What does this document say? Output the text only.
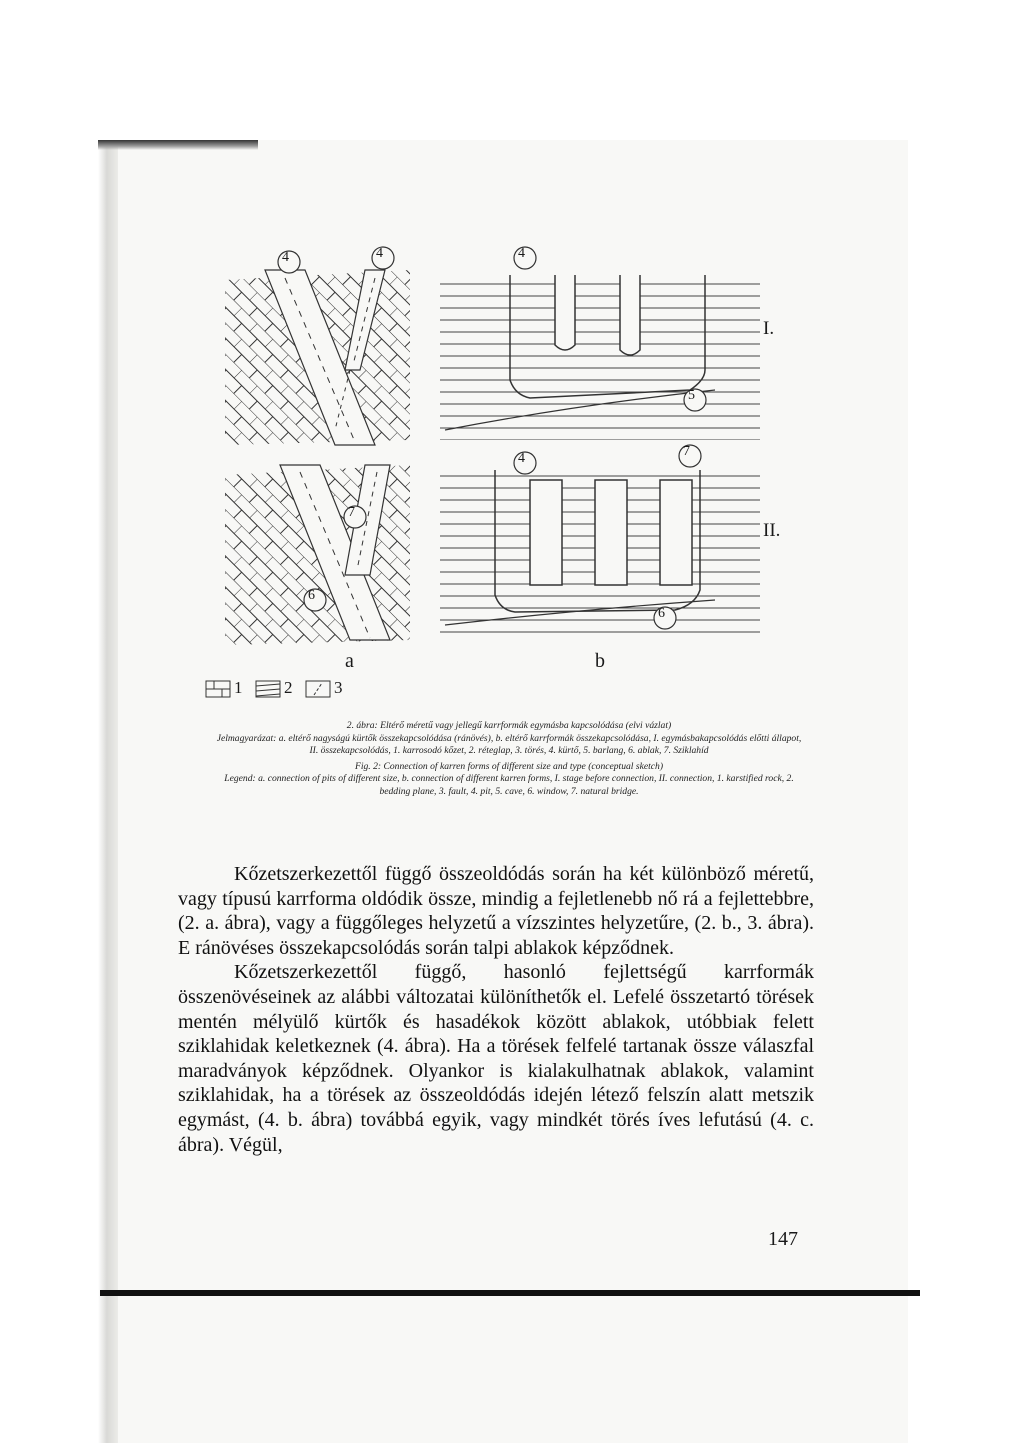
4	4	4
5
7
6
4	7
6
I.
II.
a	b
1 2 3

2. ábra: Eltérő méretű vagy jellegű karrformák egymásba kapcsolódása (elvi vázlat)

Jelmagyarázat: a. eltérő nagyságú kürtők összekapcsolódása (ránövés), b. eltérő karrformák összekapcsolódása, I. egymásbakapcsolódás előtti állapot, II. összekapcsolódás, 1. karrosodó kőzet, 2. réteglap, 3. törés, 4. kürtő, 5. barlang, 6. ablak, 7. Sziklahíd

Fig. 2: Connection of karren forms of different size and type (conceptual sketch)

Legend: a. connection of pits of different size, b. connection of different karren forms, I. stage before connection, II. connection, 1. karstified rock, 2. bedding plane, 3. fault, 4. pit, 5. cave, 6. window, 7. natural bridge.

Kőzetszerkezettől függő összeoldódás során ha két különböző méretű, vagy típusú karrforma oldódik össze, mindig a fejletlenebb nő rá a fejlettebbre, (2. a. ábra), vagy a függőleges helyzetű a vízszintes helyzetűre, (2. b., 3. ábra). E ránövéses összekapcsolódás során talpi ablakok képződnek.

Kőzetszerkezettől függő, hasonló fejlettségű karrformák összenövéseinek az alábbi változatai különíthetők el. Lefelé összetartó törések mentén mélyülő kürtők és hasadékok között ablakok, utóbbiak felett sziklahidak keletkeznek (4. ábra). Ha a törések felfelé tartanak össze válaszfal maradványok képződnek. Olyankor is kialakulhatnak ablakok, valamint sziklahidak, ha a törések az összeoldódás idején létező felszín alatt metszik egymást, (4. b. ábra) továbbá egyik, vagy mindkét törés íves lefutású (4. c. ábra). Végül,

147
